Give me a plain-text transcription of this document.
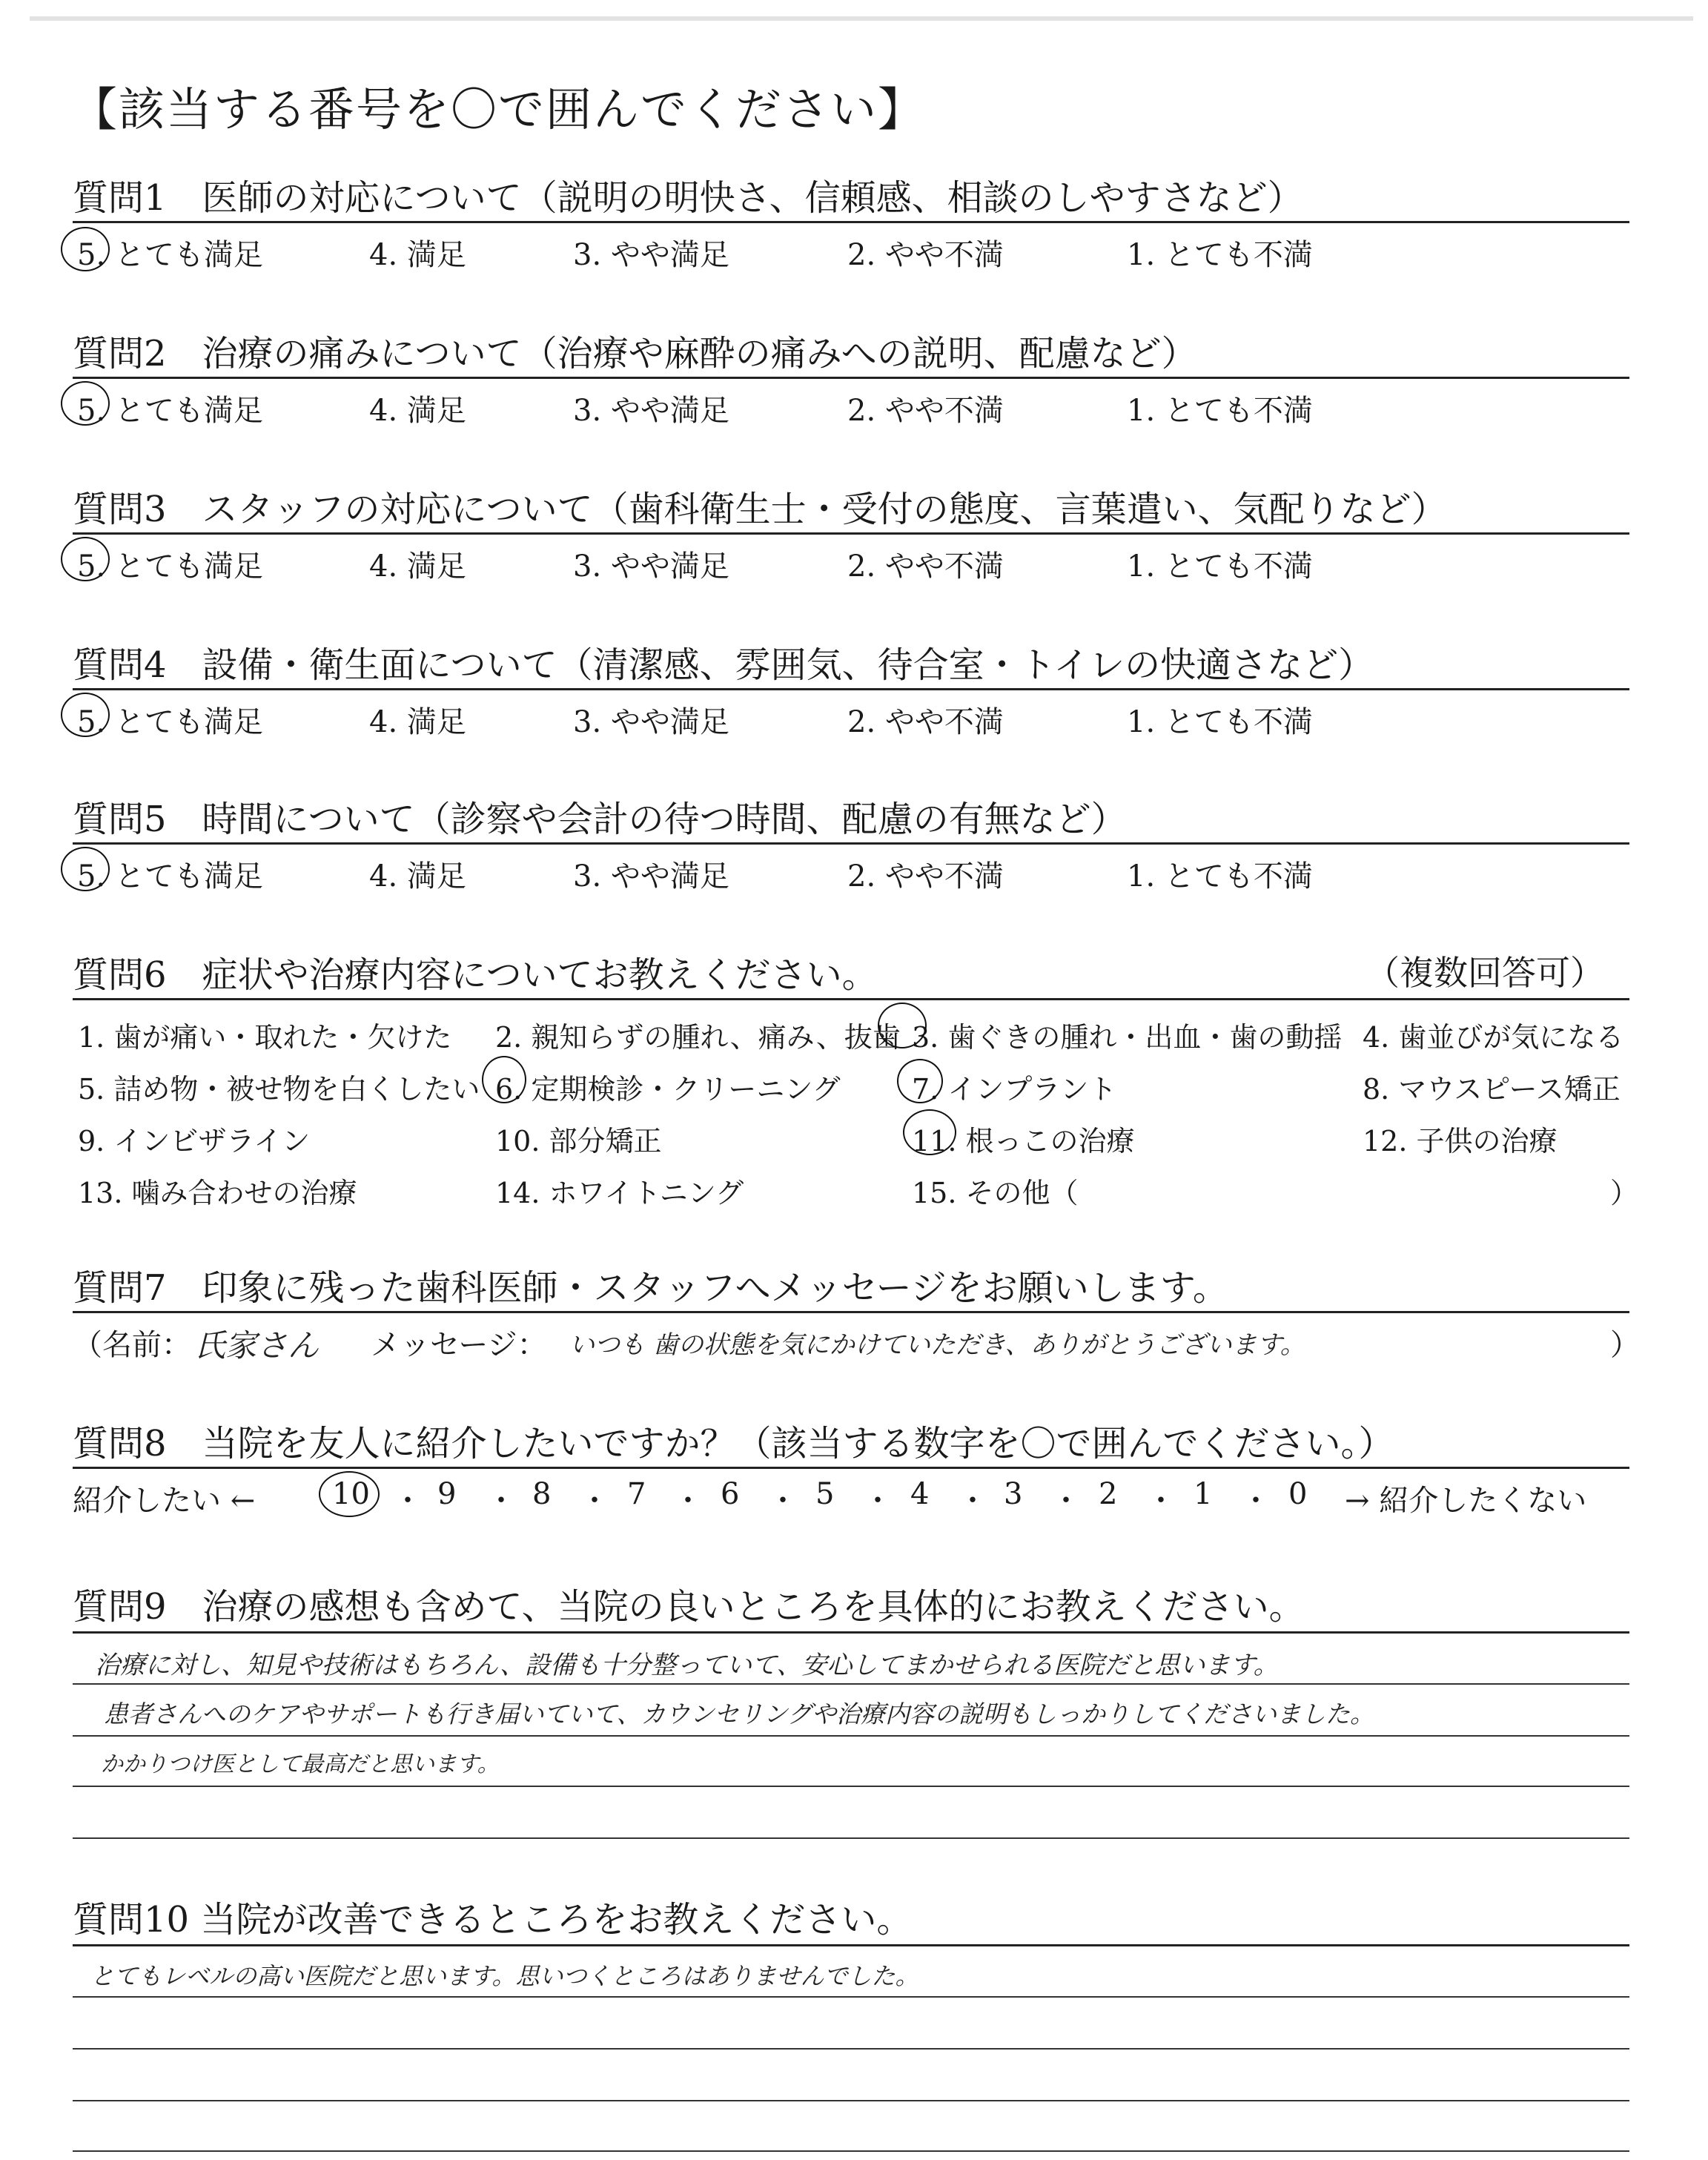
【該当する番号を〇で囲んでください】
質問1　医師の対応について（説明の明快さ、信頼感、相談のしやすさなど）
5. とても満足	4. 満足	3. やや満足	2. やや不満	1. とても不満
質問2　治療の痛みについて（治療や麻酔の痛みへの説明、配慮など）
5. とても満足	4. 満足	3. やや満足	2. やや不満	1. とても不満
質問3　スタッフの対応について（歯科衛生士・受付の態度、言葉遣い、気配りなど）
5. とても満足	4. 満足	3. やや満足	2. やや不満	1. とても不満
質問4　設備・衛生面について（清潔感、雰囲気、待合室・トイレの快適さなど）
5. とても満足	4. 満足	3. やや満足	2. やや不満	1. とても不満
質問5　時間について（診察や会計の待つ時間、配慮の有無など）
5. とても満足	4. 満足	3. やや満足	2. やや不満	1. とても不満
質問6　症状や治療内容についてお教えください。	（複数回答可）
1. 歯が痛い・取れた・欠けた 2. 親知らずの腫れ、痛み、抜歯 3. 歯ぐきの腫れ・出血・歯の動揺 4. 歯並びが気になる
5. 詰め物・被せ物を白くしたい 6. 定期検診・クリーニング	7. インプラント	8. マウスピース矯正
9. インビザライン	10. 部分矯正	11. 根っこの治療	12. 子供の治療
13. 噛み合わせの治療	14. ホワイトニング	15. その他（	）
質問7　印象に残った歯科医師・スタッフへメッセージをお願いします。
（名前： 氏家さん メッセージ： いつも 歯の状態を気にかけていただき、ありがとうございます。	）
質問8　当院を友人に紹介したいですか？（該当する数字を〇で囲んでください。）
紹介したい ←	10 ・ 9 ・ 8 ・ 7 ・ 6 ・ 5 ・ 4 ・ 3 ・ 2 ・ 1 ・ 0 → 紹介したくない
質問9　治療の感想も含めて、当院の良いところを具体的にお教えください。
治療に対し、知見や技術はもちろん、設備も十分整っていて、安心してまかせられる医院だと思います。
患者さんへのケアやサポートも行き届いていて、カウンセリングや治療内容の説明もしっかりしてくださいました。
かかりつけ医として最高だと思います。
質問10 当院が改善できるところをお教えください。
とてもレベルの高い医院だと思います。思いつくところはありませんでした。
